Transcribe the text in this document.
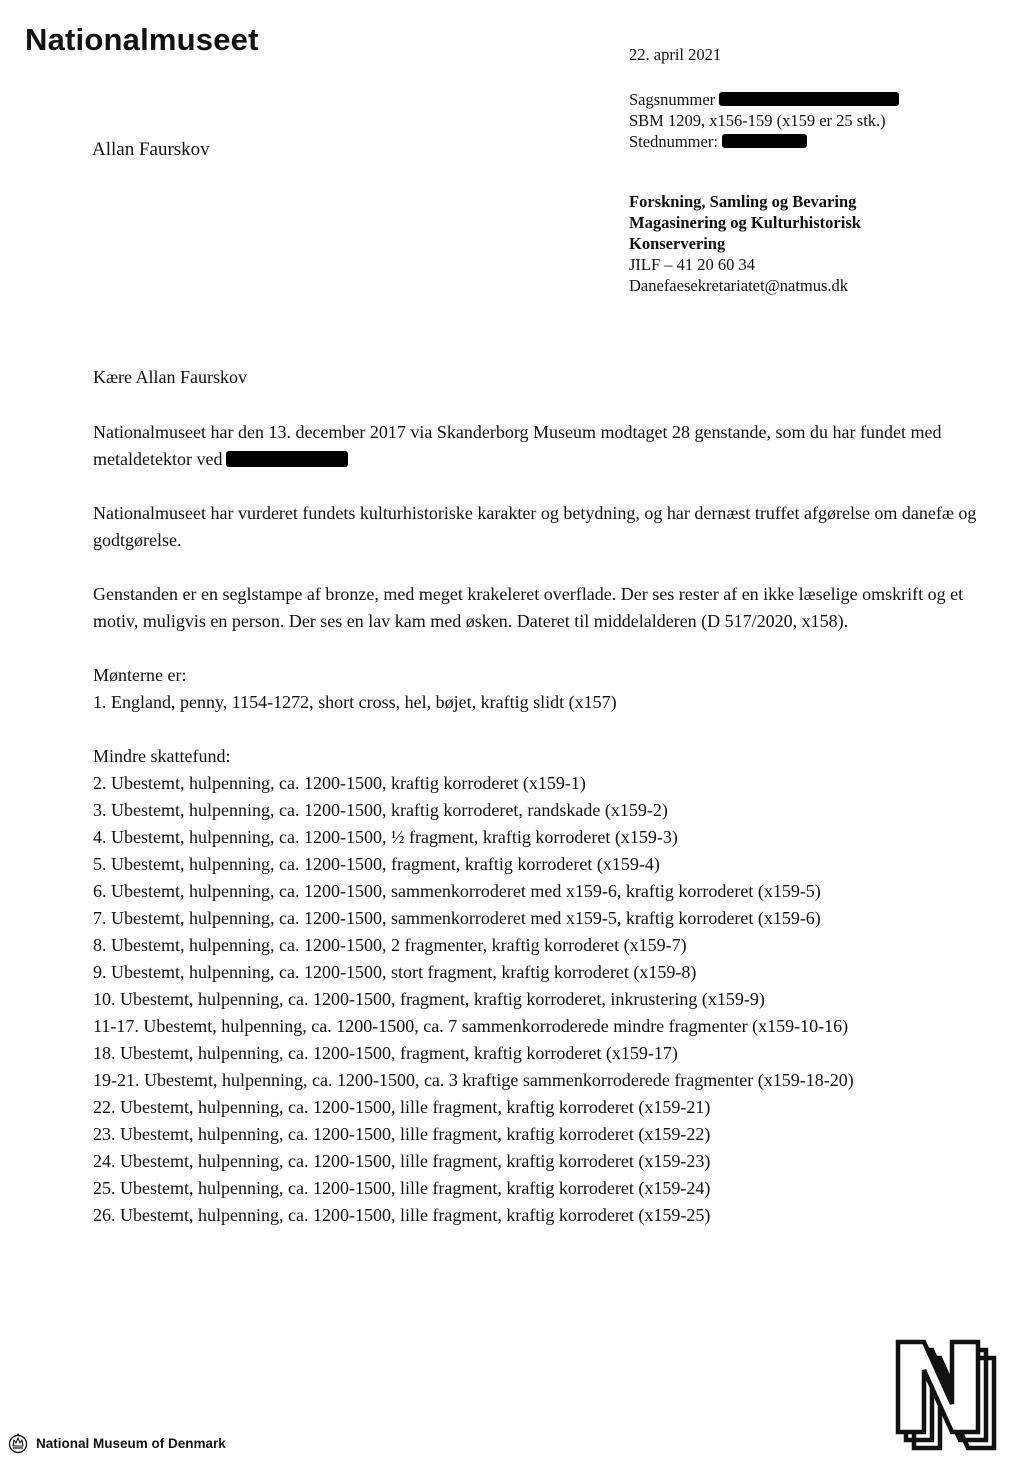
Nationalmuseet	22. april 2021
Sagsnummer
SBM 1209, x156-159 (x159 er 25 stk.)
Stednummer:
Forskning, Samling og Bevaring
Magasinering og Kulturhistorisk
Konservering
JILF – 41 20 60 34
Danefaesekretariatet@natmus.dk
Allan Faurskov

Kære Allan Faurskov

Nationalmuseet har den 13. december 2017 via Skanderborg Museum modtaget 28 genstande, som du har fundet med metaldetektor ved

Nationalmuseet har vurderet fundets kulturhistoriske karakter og betydning, og har dernæst truffet afgørelse om danefæ og godtgørelse.

Genstanden er en seglstampe af bronze, med meget krakeleret overflade. Der ses rester af en ikke læselige omskrift og et motiv, muligvis en person. Der ses en lav kam med øsken. Dateret til middelalderen (D 517/2020, x158).

Mønterne er:

1. England, penny, 1154-1272, short cross, hel, bøjet, kraftig slidt (x157)

Mindre skattefund:

2. Ubestemt, hulpenning, ca. 1200-1500, kraftig korroderet (x159-1)
3. Ubestemt, hulpenning, ca. 1200-1500, kraftig korroderet, randskade (x159-2)
4. Ubestemt, hulpenning, ca. 1200-1500, ½ fragment, kraftig korroderet (x159-3)
5. Ubestemt, hulpenning, ca. 1200-1500, fragment, kraftig korroderet (x159-4)
6. Ubestemt, hulpenning, ca. 1200-1500, sammenkorroderet med x159-6, kraftig korroderet (x159-5)
7. Ubestemt, hulpenning, ca. 1200-1500, sammenkorroderet med x159-5, kraftig korroderet (x159-6)
8. Ubestemt, hulpenning, ca. 1200-1500, 2 fragmenter, kraftig korroderet (x159-7)
9. Ubestemt, hulpenning, ca. 1200-1500, stort fragment, kraftig korroderet (x159-8)
10. Ubestemt, hulpenning, ca. 1200-1500, fragment, kraftig korroderet, inkrustering (x159-9)
11-17. Ubestemt, hulpenning, ca. 1200-1500, ca. 7 sammenkorroderede mindre fragmenter (x159-10-16)
18. Ubestemt, hulpenning, ca. 1200-1500, fragment, kraftig korroderet (x159-17)
19-21. Ubestemt, hulpenning, ca. 1200-1500, ca. 3 kraftige sammenkorroderede fragmenter (x159-18-20)
22. Ubestemt, hulpenning, ca. 1200-1500, lille fragment, kraftig korroderet (x159-21)
23. Ubestemt, hulpenning, ca. 1200-1500, lille fragment, kraftig korroderet (x159-22)
24. Ubestemt, hulpenning, ca. 1200-1500, lille fragment, kraftig korroderet (x159-23)
25. Ubestemt, hulpenning, ca. 1200-1500, lille fragment, kraftig korroderet (x159-24)
26. Ubestemt, hulpenning, ca. 1200-1500, lille fragment, kraftig korroderet (x159-25)
National Museum of Denmark
